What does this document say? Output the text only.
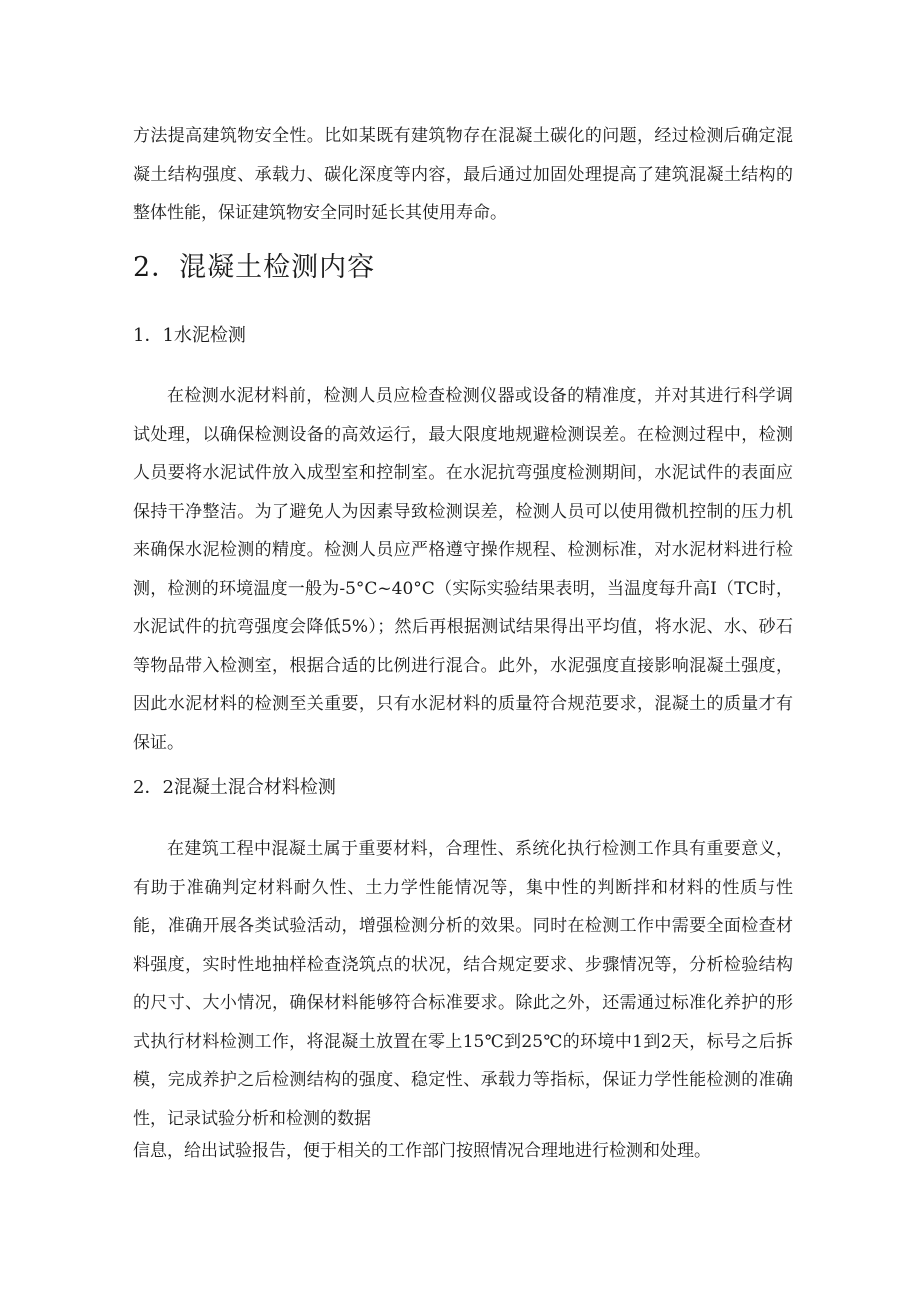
方法提高建筑物安全性。比如某既有建筑物存在混凝土碳化的问题，经过检测后确定混凝土结构强度、承载力、碳化深度等内容，最后通过加固处理提高了建筑混凝土结构的整体性能，保证建筑物安全同时延长其使用寿命。

2．混凝土检测内容
1．1水泥检测

在检测水泥材料前，检测人员应检查检测仪器或设备的精准度，并对其进行科学调试处理，以确保检测设备的高效运行，最大限度地规避检测误差。在检测过程中，检测人员要将水泥试件放入成型室和控制室。在水泥抗弯强度检测期间，水泥试件的表面应保持干净整洁。为了避免人为因素导致检测误差，检测人员可以使用微机控制的压力机来确保水泥检测的精度。检测人员应严格遵守操作规程、检测标准，对水泥材料进行检测，检测的环境温度一般为-5°C~40°C（实际实验结果表明，当温度每升高I（TC时，水泥试件的抗弯强度会降低5%）；然后再根据测试结果得出平均值，将水泥、水、砂石等物品带入检测室，根据合适的比例进行混合。此外，水泥强度直接影响混凝土强度，因此水泥材料的检测至关重要，只有水泥材料的质量符合规范要求，混凝土的质量才有保证。

2．2混凝土混合材料检测

在建筑工程中混凝土属于重要材料，合理性、系统化执行检测工作具有重要意义，有助于准确判定材料耐久性、土力学性能情况等，集中性的判断拌和材料的性质与性能，准确开展各类试验活动，增强检测分析的效果。同时在检测工作中需要全面检查材料强度，实时性地抽样检查浇筑点的状况，结合规定要求、步骤情况等，分析检验结构的尺寸、大小情况，确保材料能够符合标准要求。除此之外，还需通过标准化养护的形式执行材料检测工作，将混凝土放置在零上15℃到25℃的环境中1到2天，标号之后拆模，完成养护之后检测结构的强度、稳定性、承载力等指标，保证力学性能检测的准确性，记录试验分析和检测的数据

信息，给出试验报告，便于相关的工作部门按照情况合理地进行检测和处理。
